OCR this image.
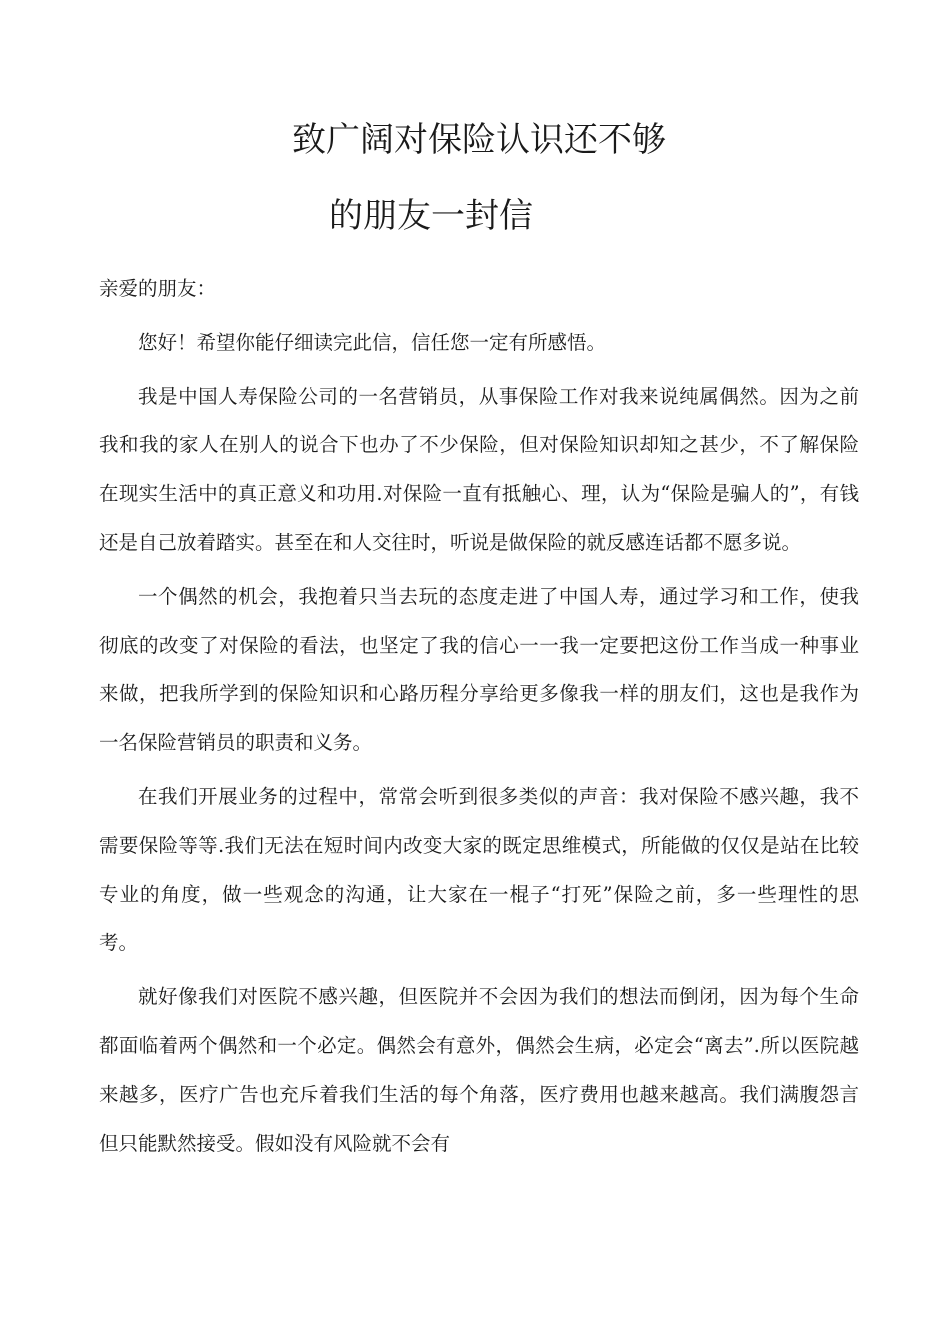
致广阔对保险认识还不够
的朋友一封信

亲爱的朋友：

您好！希望你能仔细读完此信，信任您一定有所感悟。

我是中国人寿保险公司的一名营销员，从事保险工作对我来说纯属偶然。因为之前我和我的家人在别人的说合下也办了不少保险，但对保险知识却知之甚少，不了解保险在现实生活中的真正意义和功用.对保险一直有抵触心、理，认为“保险是骗人的”，有钱还是自己放着踏实。甚至在和人交往时，听说是做保险的就反感连话都不愿多说。

一个偶然的机会，我抱着只当去玩的态度走进了中国人寿，通过学习和工作，使我彻底的改变了对保险的看法，也坚定了我的信心一一我一定要把这份工作当成一种事业来做，把我所学到的保险知识和心路历程分享给更多像我一样的朋友们，这也是我作为一名保险营销员的职责和义务。

在我们开展业务的过程中，常常会听到很多类似的声音：我对保险不感兴趣，我不需要保险等等.我们无法在短时间内改变大家的既定思维模式，所能做的仅仅是站在比较专业的角度，做一些观念的沟通，让大家在一棍子“打死”保险之前，多一些理性的思考。

就好像我们对医院不感兴趣，但医院并不会因为我们的想法而倒闭，因为每个生命都面临着两个偶然和一个必定。偶然会有意外，偶然会生病，必定会“离去”.所以医院越来越多，医疗广告也充斥着我们生活的每个角落，医疗费用也越来越高。我们满腹怨言但只能默然接受。假如没有风险就不会有
